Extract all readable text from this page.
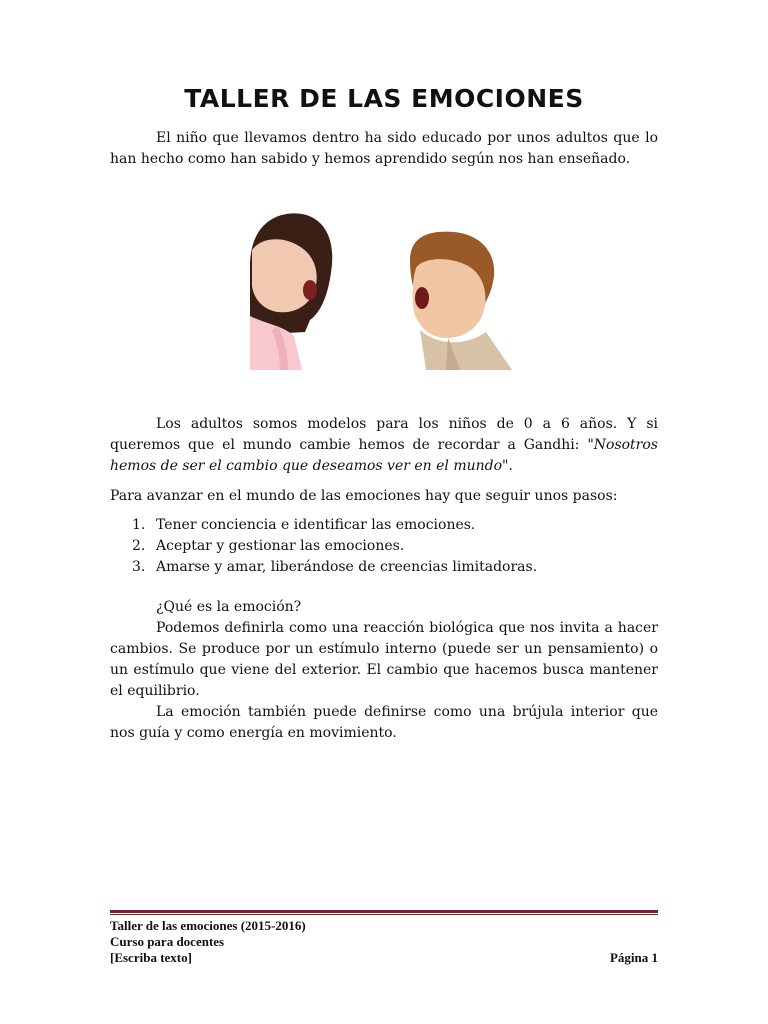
TALLER DE LAS EMOCIONES

El niño que llevamos dentro ha sido educado por unos adultos que lo han hecho como han sabido y hemos aprendido según nos han enseñado.

Los adultos somos modelos para los niños de 0 a 6 años. Y si queremos que el mundo cambie hemos de recordar a Gandhi: "Nosotros hemos de ser el cambio que deseamos ver en el mundo".

Para avanzar en el mundo de las emociones hay que seguir unos pasos:

1. Tener conciencia e identificar las emociones.
2. Aceptar y gestionar las emociones.
3. Amarse y amar, liberándose de creencias limitadoras.

¿Qué es la emoción?

Podemos definirla como una reacción biológica que nos invita a hacer cambios. Se produce por un estímulo interno (puede ser un pensamiento) o un estímulo que viene del exterior. El cambio que hacemos busca mantener el equilibrio.

La emoción también puede definirse como una brújula interior que nos guía y como energía en movimiento.

Taller de las emociones (2015-2016)
Curso para docentes
[Escriba texto]	Página 1
